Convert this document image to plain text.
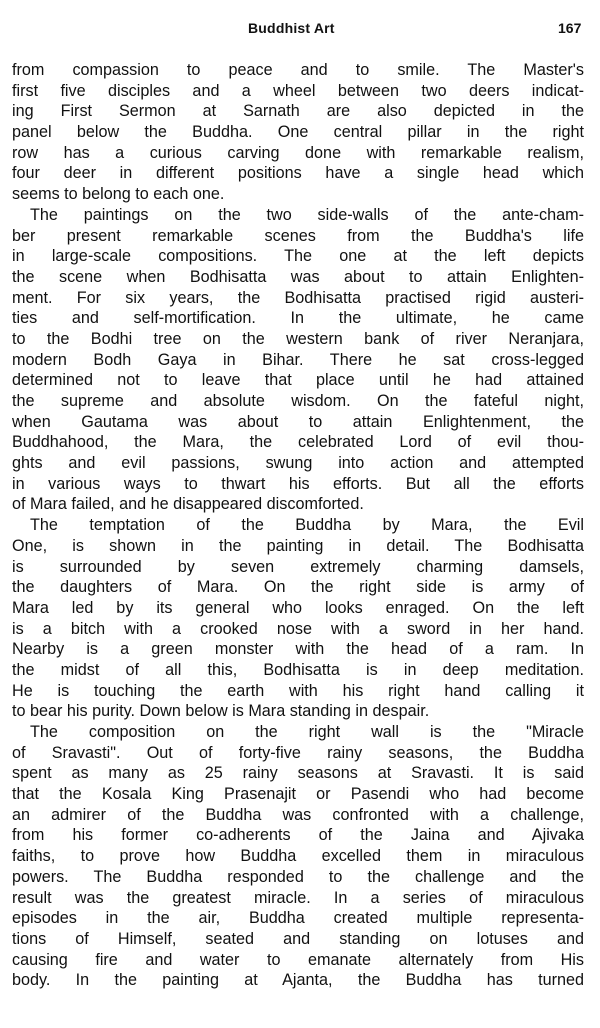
Buddhist Art	167
from compassion to peace and to smile. The Master's
first five disciples and a wheel between two deers indicat-
ing First Sermon at Sarnath are also depicted in the
panel below the Buddha. One central pillar in the right
row has a curious carving done with remarkable realism,
four deer in different positions have a single head which
seems to belong to each one.
The paintings on the two side-walls of the ante-cham-
ber present remarkable scenes from the Buddha's life
in large-scale compositions. The one at the left depicts
the scene when Bodhisatta was about to attain Enlighten-
ment. For six years, the Bodhisatta practised rigid austeri-
ties and self-mortification. In the ultimate, he came
to the Bodhi tree on the western bank of river Neranjara,
modern Bodh Gaya in Bihar. There he sat cross-legged
determined not to leave that place until he had attained
the supreme and absolute wisdom. On the fateful night,
when Gautama was about to attain Enlightenment, the
Buddhahood, the Mara, the celebrated Lord of evil thou-
ghts and evil passions, swung into action and attempted
in various ways to thwart his efforts. But all the efforts
of Mara failed, and he disappeared discomforted.
The temptation of the Buddha by Mara, the Evil
One, is shown in the painting in detail. The Bodhisatta
is surrounded by seven extremely charming damsels,
the daughters of Mara. On the right side is army of
Mara led by its general who looks enraged. On the left
is a bitch with a crooked nose with a sword in her hand.
Nearby is a green monster with the head of a ram. In
the midst of all this, Bodhisatta is in deep meditation.
He is touching the earth with his right hand calling it
to bear his purity. Down below is Mara standing in despair.
The composition on the right wall is the "Miracle
of Sravasti". Out of forty-five rainy seasons, the Buddha
spent as many as 25 rainy seasons at Sravasti. It is said
that the Kosala King Prasenajit or Pasendi who had become
an admirer of the Buddha was confronted with a challenge,
from his former co-adherents of the Jaina and Ajivaka
faiths, to prove how Buddha excelled them in miraculous
powers. The Buddha responded to the challenge and the
result was the greatest miracle. In a series of miraculous
episodes in the air, Buddha created multiple representa-
tions of Himself, seated and standing on lotuses and
causing fire and water to emanate alternately from His
body. In the painting at Ajanta, the Buddha has turned
